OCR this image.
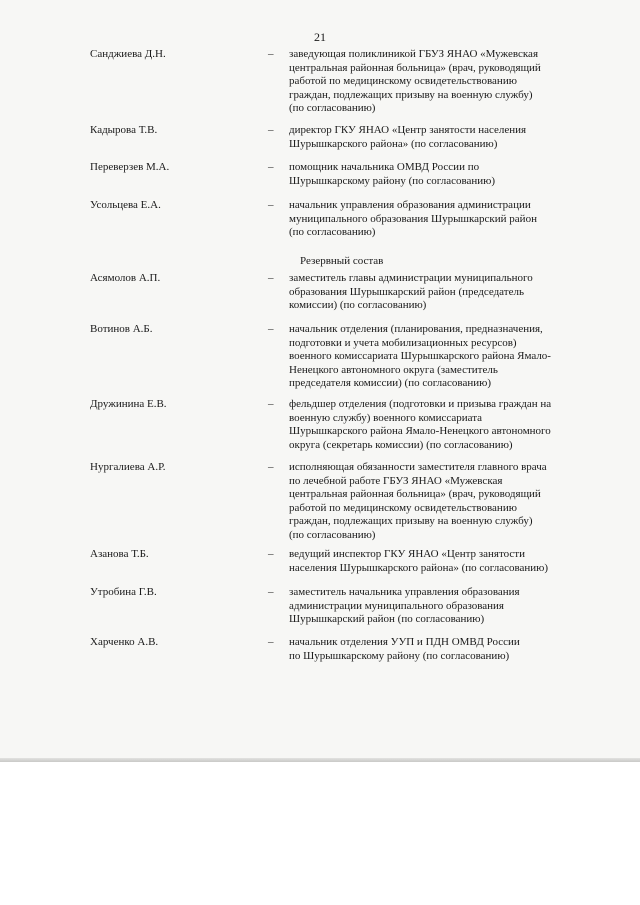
21
Санджиева Д.Н.	– заведующая поликлиникой ГБУЗ ЯНАО «Мужевская
центральная районная больница» (врач, руководящий
работой по медицинскому освидетельствованию
граждан, подлежащих призыву на военную службу)
(по согласованию)
Кадырова Т.В.	– директор ГКУ ЯНАО «Центр занятости населения
Шурышкарского района» (по согласованию)
Переверзев М.А.	– помощник начальника ОМВД России по
Шурышкарскому району (по согласованию)
Усольцева Е.А.	– начальник управления образования администрации
муниципального образования Шурышкарский район
(по согласованию)
Резервный состав
Асямолов А.П.	– заместитель главы администрации муниципального
образования Шурышкарский район (председатель
комиссии) (по согласованию)
Вотинов А.Б.	– начальник отделения (планирования, предназначения,
подготовки и учета мобилизационных ресурсов)
военного комиссариата Шурышкарского района Ямало-
Ненецкого автономного округа (заместитель
председателя комиссии) (по согласованию)
Дружинина Е.В.	– фельдшер отделения (подготовки и призыва граждан на
военную службу) военного комиссариата
Шурышкарского района Ямало-Ненецкого автономного
округа (секретарь комиссии) (по согласованию)
Нургалиева А.Р.	– исполняющая обязанности заместителя главного врача
по лечебной работе ГБУЗ ЯНАО «Мужевская
центральная районная больница» (врач, руководящий
работой по медицинскому освидетельствованию
граждан, подлежащих призыву на военную службу)
(по согласованию)
Азанова Т.Б.	– ведущий инспектор ГКУ ЯНАО «Центр занятости
населения Шурышкарского района» (по согласованию)
Утробина Г.В.	– заместитель начальника управления образования
администрации муниципального образования
Шурышкарский район (по согласованию)
Харченко А.В.	– начальник отделения УУП и ПДН ОМВД России
по Шурышкарскому району (по согласованию)
